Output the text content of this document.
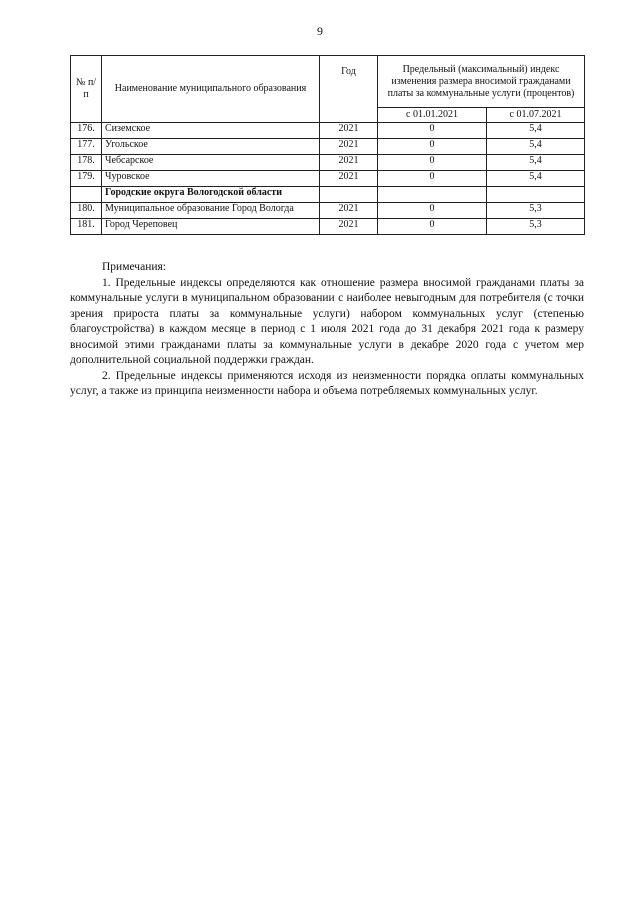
9
№ п/п	Наименование муниципального образования	Год	Предельный (максимальный) индекс изменения размера вносимой гражданами платы за коммунальные услуги (процентов)	
			с 01.01.2021	с 01.07.2021
176.	Сиземское	2021	0	5,4
177.	Угольское	2021	0	5,4
178.	Чебсарское	2021	0	5,4
179.	Чуровское	2021	0	5,4
	Городские округа Вологодской области			
180.	Муниципальное образование Город Вологда	2021	0	5,3
181.	Город Череповец	2021	0	5,3

Примечания:

1. Предельные индексы определяются как отношение размера вносимой гражданами платы за коммунальные услуги в муниципальном образовании с наиболее невыгодным для потребителя (с точки зрения прироста платы за коммунальные услуги) набором коммунальных услуг (степенью благоустройства) в каждом месяце в период с 1 июля 2021 года до 31 декабря 2021 года к размеру вносимой этими гражданами платы за коммунальные услуги в декабре 2020 года с учетом мер дополнительной социальной поддержки граждан.

2. Предельные индексы применяются исходя из неизменности порядка оплаты коммунальных услуг, а также из принципа неизменности набора и объема потребляемых коммунальных услуг.
